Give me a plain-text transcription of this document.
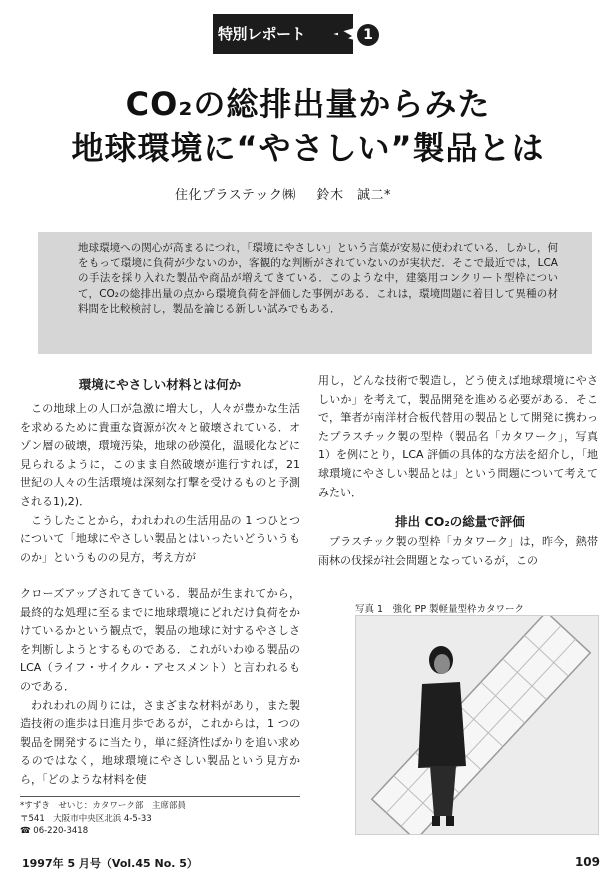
特別レポート	1
CO₂の総排出量からみた
地球環境に“やさしい”製品とは
住化プラステック㈱ 鈴木　誠二*

地球環境への関心が高まるにつれ，「環境にやさしい」という言葉が安易に使われている．しかし，何をもって環境に負荷が少ないのか，客観的な判断がされていないのが実状だ．そこで最近では，LCA の手法を採り入れた製品や商品が増えてきている．このような中，建築用コンクリート型枠について，CO₂の総排出量の点から環境負荷を評価した事例がある．これは，環境問題に着目して異種の材料間を比較検討し，製品を論じる新しい試みでもある．

環境にやさしい材料とは何か

この地球上の人口が急激に増大し，人々が豊かな生活を求めるために貴重な資源が次々と破壊されている．オゾン層の破壊，環境汚染，地球の砂漠化，温暖化などに見られるように，このまま自然破壊が進行すれば，21 世紀の人々の生活環境は深刻な打撃を受けるものと予測される1),2)．

こうしたことから，われわれの生活用品の 1 つひとつについて「地球にやさしい製品とはいったいどういうものか」というものの見方，考え方が

クローズアップされてきている．製品が生まれてから，最終的な処理に至るまでに地球環境にどれだけ負荷をかけているかという観点で，製品の地球に対するやさしさを判断しようとするものである．これがいわゆる製品の LCA（ライフ・サイクル・アセスメント）と言われるものである．

われわれの周りには，さまざまな材料があり，また製造技術の進歩は日進月歩であるが，これからは，1 つの製品を開発するに当たり，単に経済性ばかりを追い求めるのではなく，地球環境にやさしい製品という見方から，「どのような材料を使

用し，どんな技術で製造し，どう使えば地球環境にやさしいか」を考えて，製品開発を進める必要がある．そこで，筆者が南洋材合板代替用の製品として開発に携わったプラスチック製の型枠（製品名「カタワーク」，写真 1）を例にとり，LCA 評価の具体的な方法を紹介し，「地球環境にやさしい製品とは」という問題について考えてみたい．

排出 CO₂の総量で評価

プラスチック製の型枠「カタワーク」は，昨今，熱帯雨林の伐採が社会問題となっているが，この

写真 1　強化 PP 製軽量型枠カタワーク
*すずき　せいじ：カタワーク部　主席部員
〒541　大阪市中央区北浜 4-5-33
☎ 06-220-3418
1997年 5 月号（Vol.45 No. 5）	109
